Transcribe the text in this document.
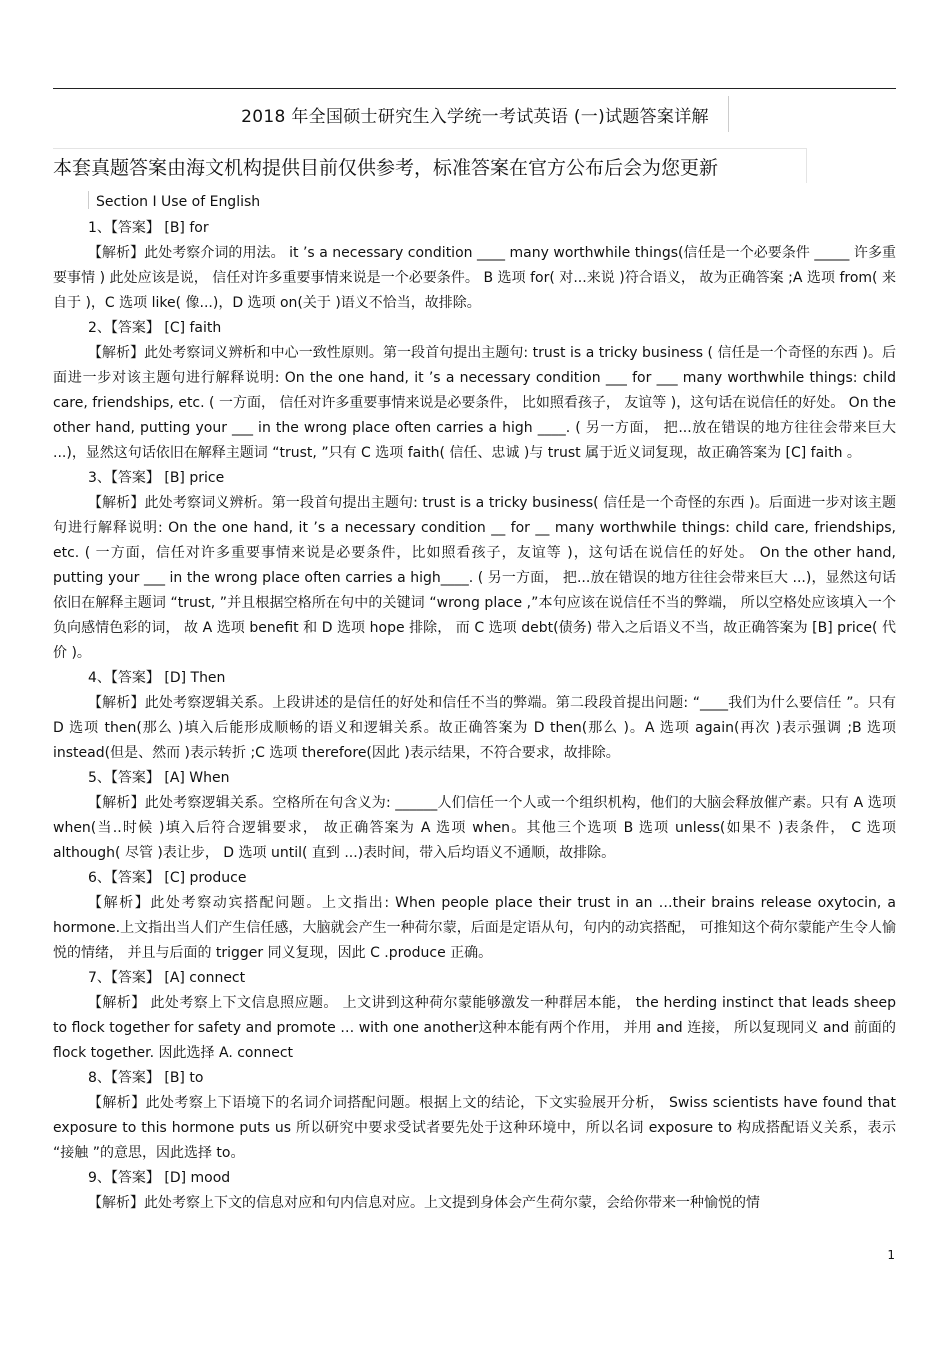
2018 年全国硕士研究生入学统一考试英语 (一)试题答案详解
本套真题答案由海文机构提供目前仅供参考，标准答案在官方公布后会为您更新
Section I Use of English
1、【答案】 [B] for
【解析】此处考察介词的用法。 it ’s a necessary condition ____ many worthwhile things(信任是一个必要条件 _____ 许多重要事情 ) 此处应该是说， 信任对许多重要事情来说是一个必要条件。 B 选项 for( 对...来说 )符合语义， 故为正确答案 ;A 选项 from( 来自于 )，C 选项 like( 像...)，D 选项 on(关于 )语义不恰当，故排除。
2、【答案】 [C] faith
【解析】此处考察词义辨析和中心一致性原则。第一段首句提出主题句: trust is a tricky business ( 信任是一个奇怪的东西 )。后面进一步对该主题句进行解释说明: On the one hand, it ’s a necessary condition ___ for ___ many worthwhile things: child care, friendships, etc. ( 一方面， 信任对许多重要事情来说是必要条件， 比如照看孩子， 友谊等 )，这句话在说信任的好处。 On the other hand, putting your ___ in the wrong place often carries a high ____. ( 另一方面， 把...放在错误的地方往往会带来巨大 ...)，显然这句话依旧在解释主题词 “trust, ”只有 C 选项 faith( 信任、忠诚 )与 trust 属于近义词复现，故正确答案为 [C] faith 。
3、【答案】 [B] price
【解析】此处考察词义辨析。第一段首句提出主题句: trust is a tricky business( 信任是一个奇怪的东西 )。后面进一步对该主题句进行解释说明: On the one hand, it ’s a necessary condition __ for __ many worthwhile things: child care, friendships, etc. ( 一方面，信任对许多重要事情来说是必要条件，比如照看孩子，友谊等 )，这句话在说信任的好处。 On the other hand, putting your ___ in the wrong place often carries a high____. ( 另一方面， 把...放在错误的地方往往会带来巨大 ...)，显然这句话依旧在解释主题词 “trust, ”并且根据空格所在句中的关键词 “wrong place ,”本句应该在说信任不当的弊端， 所以空格处应该填入一个负向感情色彩的词， 故 A 选项 benefit 和 D 选项 hope 排除， 而 C 选项 debt(债务) 带入之后语义不当，故正确答案为 [B] price( 代价 )。
4、【答案】 [D] Then
【解析】此处考察逻辑关系。上段讲述的是信任的好处和信任不当的弊端。第二段段首提出问题: “____我们为什么要信任 ”。只有 D 选项 then(那么 )填入后能形成顺畅的语义和逻辑关系。故正确答案为 D then(那么 )。A 选项 again(再次 )表示强调 ;B 选项 instead(但是、然而 )表示转折 ;C 选项 therefore(因此 )表示结果，不符合要求，故排除。
5、【答案】 [A] When
【解析】此处考察逻辑关系。空格所在句含义为: ______人们信任一个人或一个组织机构，他们的大脑会释放催产素。只有 A 选项 when(当..时候 )填入后符合逻辑要求， 故正确答案为 A 选项 when。其他三个选项 B 选项 unless(如果不 )表条件， C 选项 although( 尽管 )表让步， D 选项 until( 直到 ...)表时间，带入后均语义不通顺，故排除。
6、【答案】 [C] produce
【解析】此处考察动宾搭配问题。上文指出: When people place their trust in an …their brains release oxytocin, a hormone.上文指出当人们产生信任感，大脑就会产生一种荷尔蒙，后面是定语从句，句内的动宾搭配， 可推知这个荷尔蒙能产生令人愉悦的情绪， 并且与后面的 trigger 同义复现，因此 C .produce 正确。
7、【答案】 [A] connect
【解析】 此处考察上下文信息照应题。 上文讲到这种荷尔蒙能够激发一种群居本能， the herding instinct that leads sheep to flock together for safety and promote … with one another这种本能有两个作用， 并用 and 连接， 所以复现同义 and 前面的 flock together. 因此选择 A. connect
8、【答案】 [B] to
【解析】此处考察上下语境下的名词介词搭配问题。根据上文的结论，下文实验展开分析， Swiss scientists have found that exposure to this hormone puts us 所以研究中要求受试者要先处于这种环境中，所以名词 exposure to 构成搭配语义关系，表示 “接触 ”的意思，因此选择 to。
9、【答案】 [D] mood
【解析】此处考察上下文的信息对应和句内信息对应。上文提到身体会产生荷尔蒙，会给你带来一种愉悦的情
1
